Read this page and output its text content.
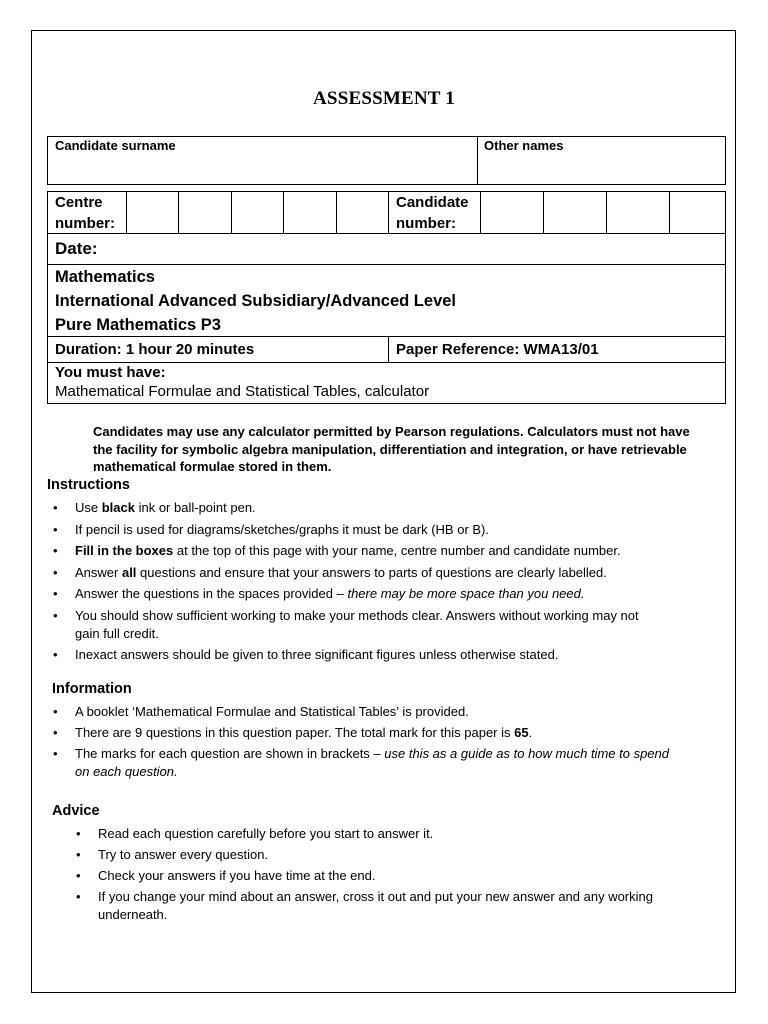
ASSESSMENT 1
Candidate surname	Other names
Centre
number:
Candidate
number:
Date:
Mathematics
International Advanced Subsidiary/Advanced Level
Pure Mathematics P3
Duration: 1 hour 20 minutes	Paper Reference: WMA13/01
You must have:
Mathematical Formulae and Statistical Tables, calculator
Candidates may use any calculator permitted by Pearson regulations. Calculators must not have the facility for symbolic algebra manipulation, differentiation and integration, or have retrievable mathematical formulae stored in them.
Instructions
• Use black ink or ball-point pen.
• If pencil is used for diagrams/sketches/graphs it must be dark (HB or B).
• Fill in the boxes at the top of this page with your name, centre number and candidate number.
• Answer all questions and ensure that your answers to parts of questions are clearly labelled.
• Answer the questions in the spaces provided – there may be more space than you need.
• You should show sufficient working to make your methods clear. Answers without working may not gain full credit.
• Inexact answers should be given to three significant figures unless otherwise stated.
Information
• A booklet ‘Mathematical Formulae and Statistical Tables’ is provided.
• There are 9 questions in this question paper. The total mark for this paper is 65.
• The marks for each question are shown in brackets – use this as a guide as to how much time to spend on each question.
Advice
• Read each question carefully before you start to answer it.
• Try to answer every question.
• Check your answers if you have time at the end.
• If you change your mind about an answer, cross it out and put your new answer and any working underneath.
